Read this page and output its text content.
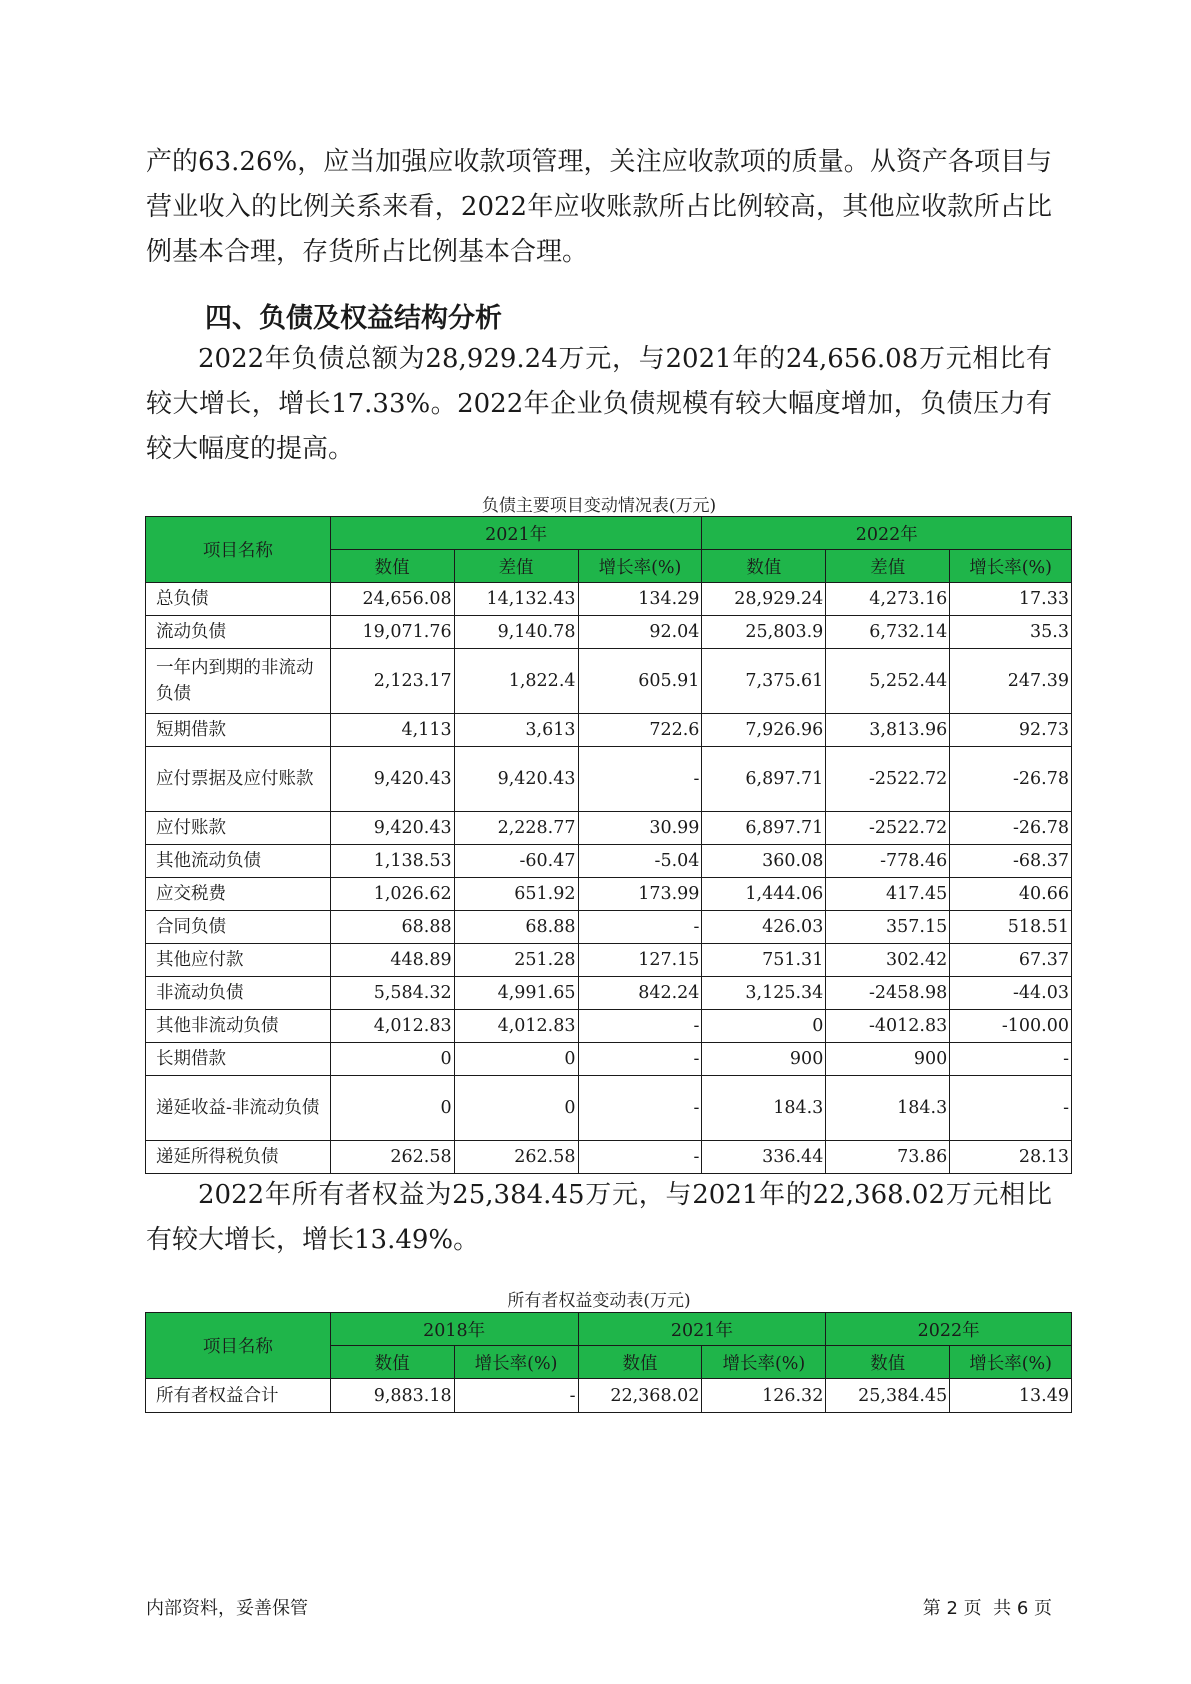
产的63.26%，应当加强应收款项管理，关注应收款项的质量。从资产各项目与营业收入的比例关系来看，2022年应收账款所占比例较高，其他应收款所占比例基本合理，存货所占比例基本合理。

四、负债及权益结构分析

2022年负债总额为28,929.24万元，与2021年的24,656.08万元相比有较大增长，增长17.33%。2022年企业负债规模有较大幅度增加，负债压力有较大幅度的提高。

负债主要项目变动情况表(万元)
项目名称	2021年			2022年		
	数值	差值	增长率(%)	数值	差值	增长率(%)
总负债	24,656.08	14,132.43	134.29	28,929.24	4,273.16	17.33
流动负债	19,071.76	9,140.78	92.04	25,803.9	6,732.14	35.3
一年内到期的非流动负债	2,123.17	1,822.4	605.91	7,375.61	5,252.44	247.39
短期借款	4,113	3,613	722.6	7,926.96	3,813.96	92.73
应付票据及应付账款	9,420.43	9,420.43	-	6,897.71	-2522.72	-26.78
应付账款	9,420.43	2,228.77	30.99	6,897.71	-2522.72	-26.78
其他流动负债	1,138.53	-60.47	-5.04	360.08	-778.46	-68.37
应交税费	1,026.62	651.92	173.99	1,444.06	417.45	40.66
合同负债	68.88	68.88	-	426.03	357.15	518.51
其他应付款	448.89	251.28	127.15	751.31	302.42	67.37
非流动负债	5,584.32	4,991.65	842.24	3,125.34	-2458.98	-44.03
其他非流动负债	4,012.83	4,012.83	-	0	-4012.83	-100.00
长期借款	0	0	-	900	900	-
递延收益-非流动负债	0	0	-	184.3	184.3	-
递延所得税负债	262.58	262.58	-	336.44	73.86	28.13

2022年所有者权益为25,384.45万元，与2021年的22,368.02万元相比有较大增长，增长13.49%。

所有者权益变动表(万元)
项目名称	2018年		2021年		2022年	
	数值	增长率(%)	数值	增长率(%)	数值	增长率(%)
所有者权益合计	9,883.18	-	22,368.02	126.32	25,384.45	13.49
内部资料，妥善保管	第 2 页  共 6 页
